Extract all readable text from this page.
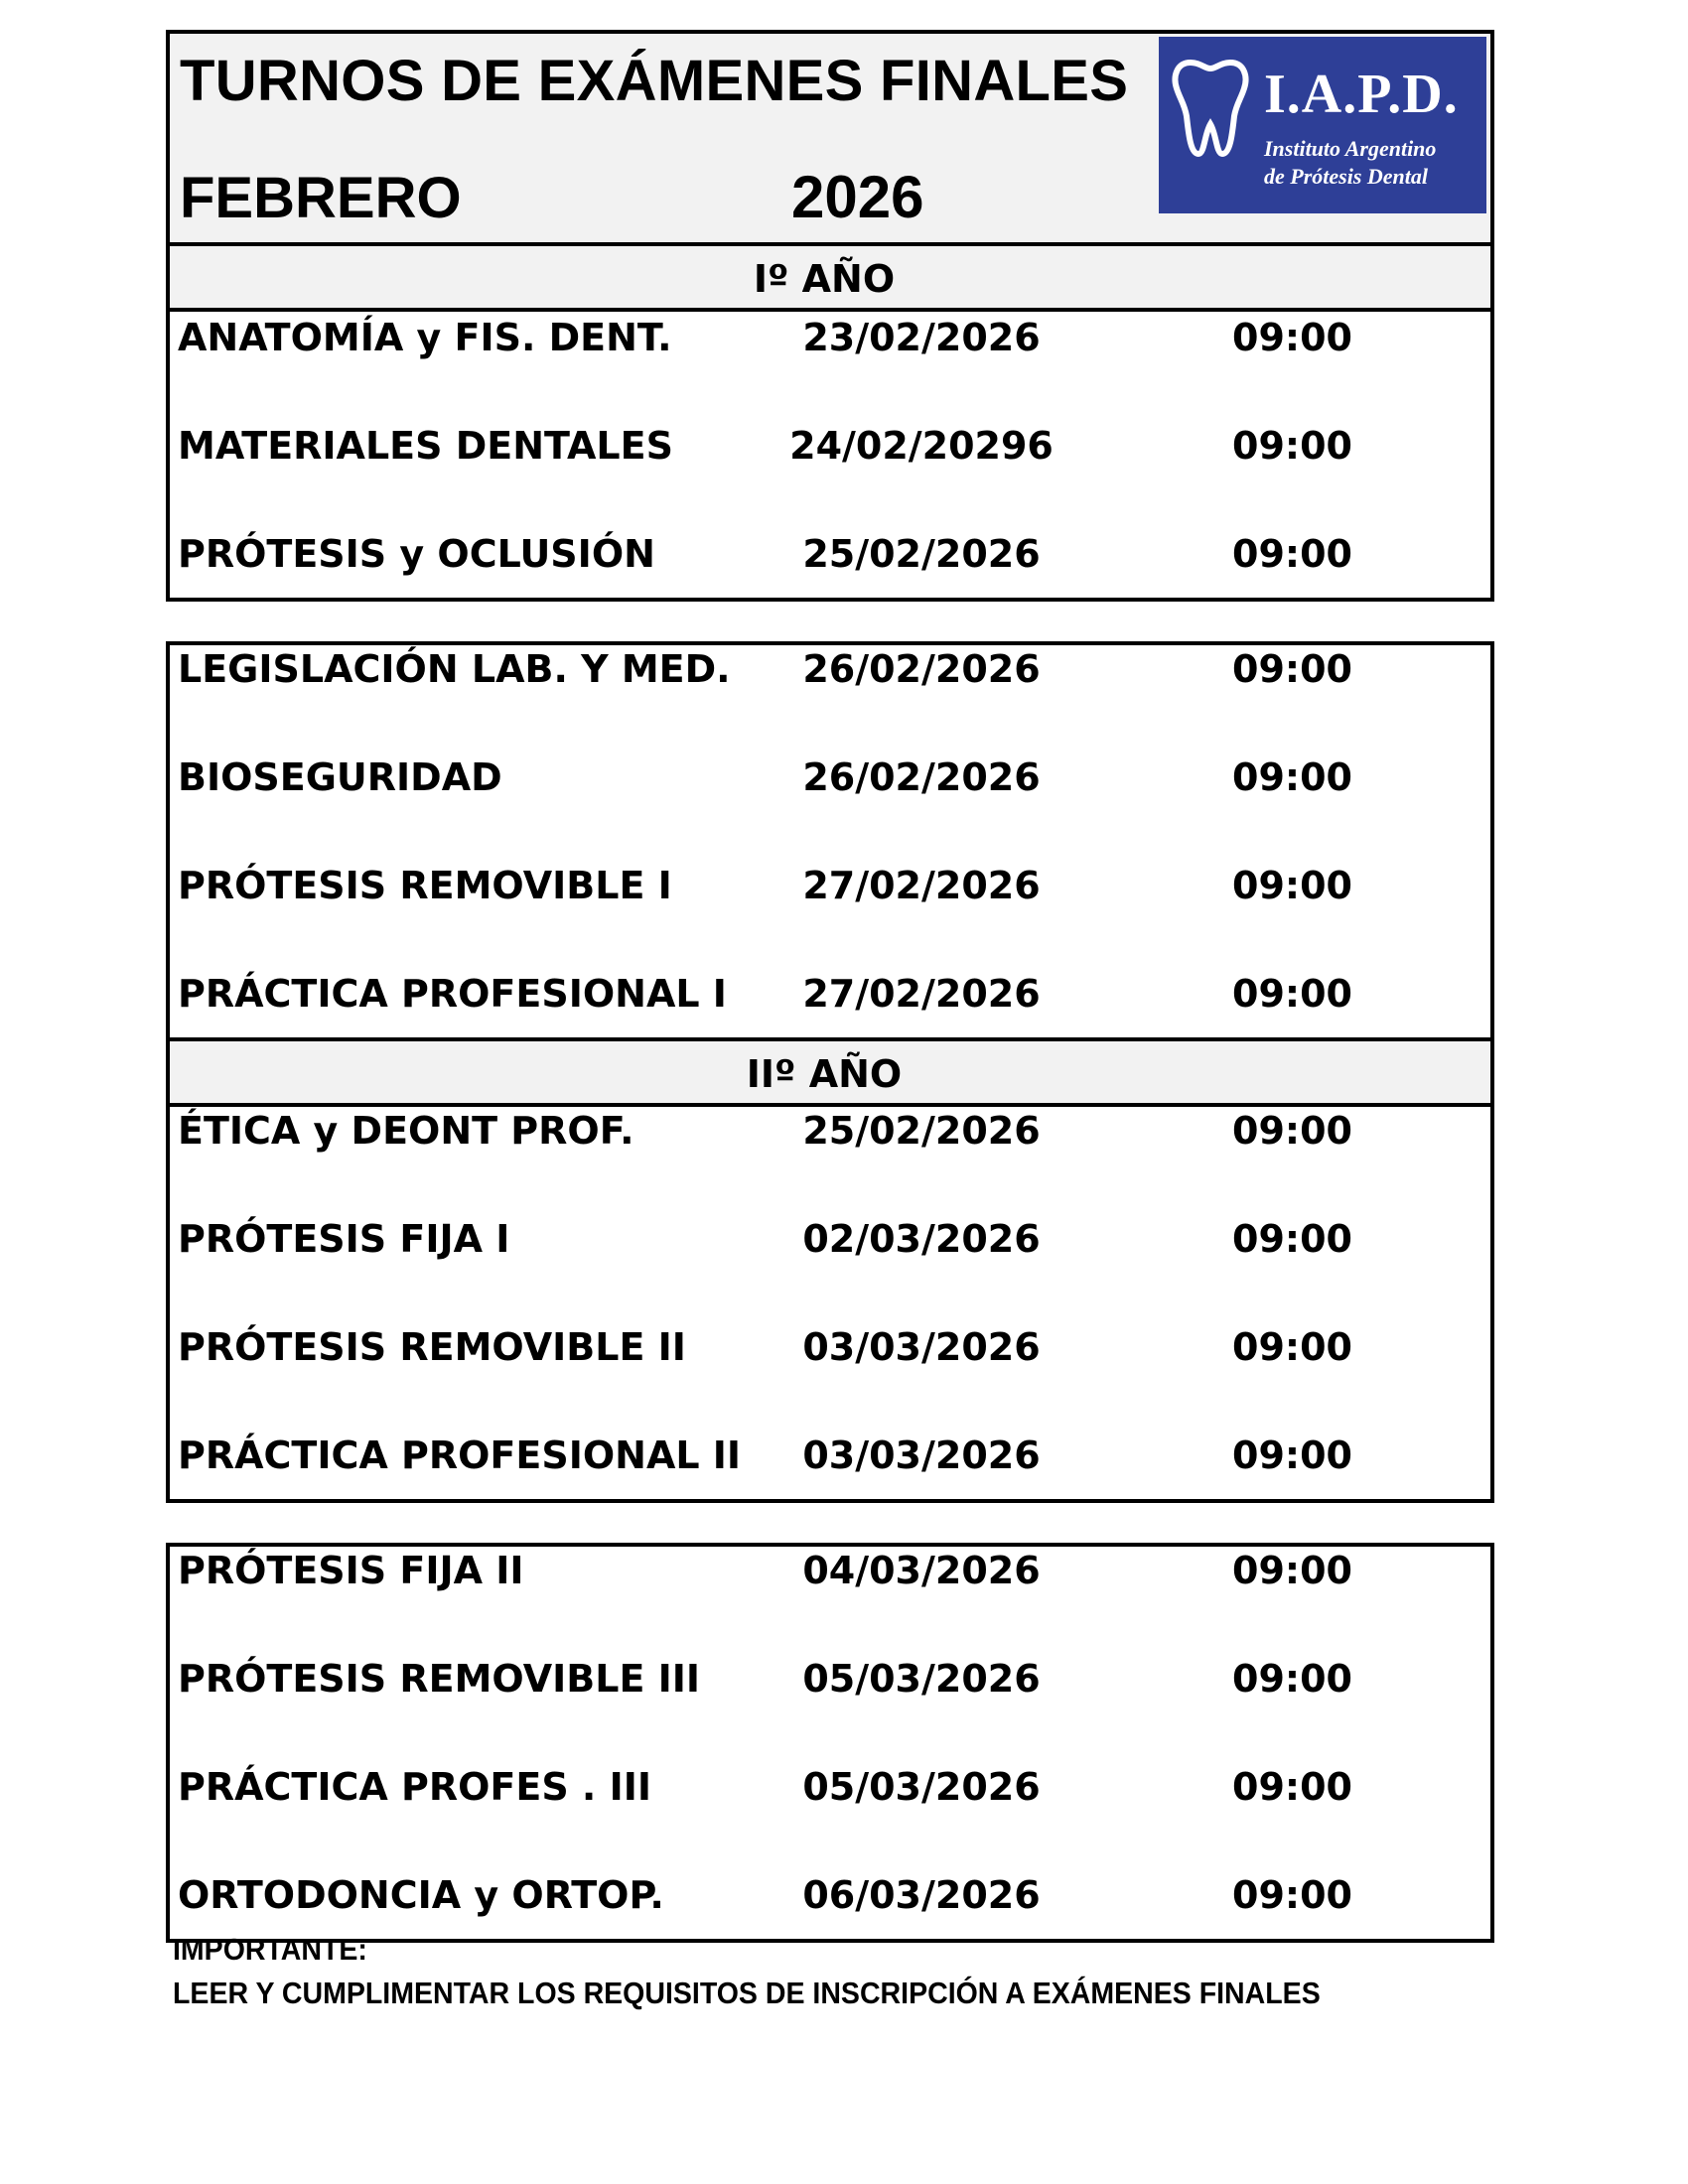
TURNOS DE EXÁMENES FINALES
FEBRERO	2026
I.A.P.D.
Instituto Argentino
de Prótesis Dental
Iº AÑO
ANATOMÍA y FIS. DENT.	23/02/2026	09:00
MATERIALES DENTALES	24/02/20296	09:00
PRÓTESIS y OCLUSIÓN	25/02/2026	09:00
LEGISLACIÓN LAB. Y MED.	26/02/2026	09:00
BIOSEGURIDAD	26/02/2026	09:00
PRÓTESIS REMOVIBLE I	27/02/2026	09:00
PRÁCTICA PROFESIONAL I	27/02/2026	09:00
IIº AÑO
ÉTICA y DEONT PROF.	25/02/2026	09:00
PRÓTESIS FIJA I	02/03/2026	09:00
PRÓTESIS REMOVIBLE II	03/03/2026	09:00
PRÁCTICA PROFESIONAL II	03/03/2026	09:00
PRÓTESIS FIJA II	04/03/2026	09:00
PRÓTESIS REMOVIBLE III	05/03/2026	09:00
PRÁCTICA PROFES . III	05/03/2026	09:00
ORTODONCIA y ORTOP.	06/03/2026	09:00
IMPORTANTE:
LEER Y CUMPLIMENTAR LOS REQUISITOS DE INSCRIPCIÓN A EXÁMENES FINALES
